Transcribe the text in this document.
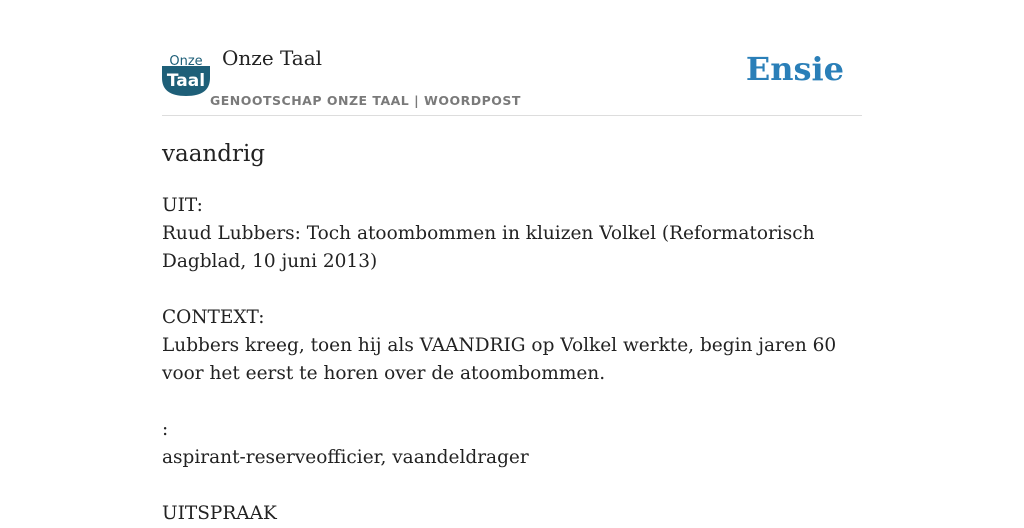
Onze
Taal
Onze Taal
GENOOTSCHAP ONZE TAAL | WOORDPOST
Ensie
vaandrig
UIT:
Ruud Lubbers: Toch atoombommen in kluizen Volkel (Reformatorisch Dagblad, 10 juni 2013)
CONTEXT:
Lubbers kreeg, toen hij als VAANDRIG op Volkel werkte, begin jaren 60 voor het eerst te horen over de atoombommen.
:
aspirant-reserveofficier, vaandeldrager
UITSPRAAK
